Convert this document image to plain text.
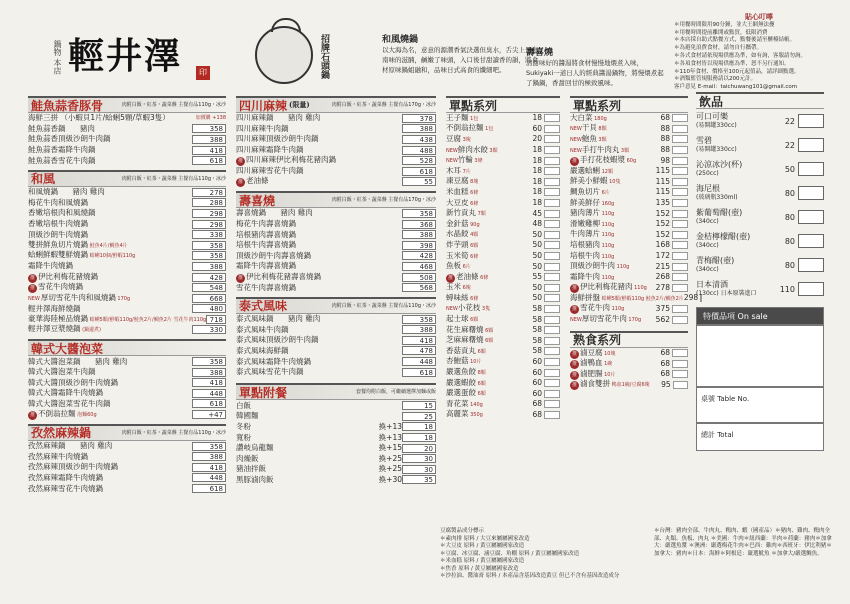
鍋物 本店 輕井澤	印	招牌石頭鍋	和風燒鍋
以大海為名，意意的源潮香氣決選但臭水，舌尖上是布南味的滋腩，鹹嫩了味頭，入口後甘甜讀香的韻，將食材原味鍋蛆融和，品味日式高食的纖細吧。
壽喜燒
清甜味好的醬湯將食材慢慢地煨煮入味，Sukiyaki一道日人的經典醬湯鍋物，將慢煨煮起了鍋鍋，香甜回甘的極致風味。
貼心叮嚀
＊用餐時間限用90分鐘，並大王網無法疊
＊用餐時間提前離開或點買，低限消費
＊本店採自助式點餐方式，點餐後請至櫃檯結帳。
＊為避免浪費食材，請勿自行攜帶。
＊各式食材請依現場供應為準，如有詢，客服請勿詢。
＊各項食材皆以現場供應為準，恕不另行通知。
＊110年食材、價格至100元起值品，請詳細點選。
＊酒類監管規服務請以200元計。
客戶意見 E-mail：taichuwang101@gmail.com
鮭魚蒜香豚骨	肉附白飯・紅茶・蔬菜盤 主餐有品110g・冰沙
海鮮三拼 （小蝦貝1片/蛤蜊5顆/草蝦3隻）	加價購 +138
鮭魚蒜香鍋 豬肉	358
鮭魚蒜香頂級沙朗牛肉鍋	388
鮭魚蒜香霜降牛肉鍋	418
鮭魚蒜香雪花牛肉鍋	618
和風	肉附白飯・紅茶・蔬菜盤 主餐有品110g・冰沙
和風燒鍋 豬肉 雞肉	278
梅花牛肉和風燒鍋	288
香嫩培根肉和風燒鍋	298
香嫩培根牛肉燒鍋	298
頂級沙朗牛肉燒鍋	338
雙拼鮮魚切片燒鍋 鮭魚4片/鯛魚4片	358
蛤蜊鮮蝦雙鮮燒鍋 蛤蜊10個/鮮蝦110g	358
霜降牛肉燒鍋	388
推 伊比利梅花豬燒鍋	428
推 雪花牛肉燒鍋	548
NEW厚切雪花牛肉和風燒鍋 170g	668
輕井澤海鮮燒鍋	480
豪華海陸極品燒鍋 蛤蜊5顆/鮮蝦110g/鮭魚2片/鯛魚2片 雪花牛肉110g 718
輕井澤豆漿燒鍋 (鍋邊煮)	330
韓式大醬泡菜
韓式大醬泡菜鍋 豬肉 雞肉	358
韓式大醬泡菜牛肉鍋	388
韓式大醬頂級沙朗牛肉燒鍋	418
韓式大醬霜降牛肉燒鍋	448
韓式大醬泡菜雪花牛肉鍋	618
推 不倒翁拉麵 泡麵60g	+47
孜然麻辣鍋	肉附白飯・紅茶・蔬菜盤 主餐有品110g・冰沙
孜然麻辣鍋 豬肉 雞肉	358
孜然麻辣牛肉燒鍋	388
孜然麻辣頂級沙朗牛肉燒鍋	418
孜然麻辣霜降牛肉燒鍋	448
孜然麻辣雪花牛肉燒鍋	618
四川麻辣 (限量)	肉附白飯・紅茶・蔬菜盤 主餐有品170g・冰沙
四川麻辣鍋 豬肉 雞肉	378
四川麻辣牛肉鍋	388
四川麻辣頂級沙朗牛肉鍋	438
四川麻辣霜降牛肉鍋	488
推 四川麻辣伊比利梅花豬肉鍋	528
四川麻辣雪花牛肉鍋	618
推 老油條	55
壽喜燒	肉附白飯・紅茶・蔬菜盤 主餐有品170g・冰沙
壽喜燒鍋 豬肉 雞肉	358
梅花牛肉壽喜燒鍋	368
培根豬肉壽喜燒鍋	388
培根牛肉壽喜燒鍋	398
頂級沙朗牛肉壽喜燒鍋	428
霜降牛肉壽喜燒鍋	468
推 伊比利梅花豬壽喜燒鍋	508
雪花牛肉壽喜燒鍋	568
泰式風味	肉附白飯・紅茶・蔬菜盤 主餐有品110g・冰沙
泰式風味鍋 豬肉 雞肉	358
泰式風味牛肉鍋	388
泰式風味頂級沙朗牛肉鍋	418
泰式風味海鮮鍋	478
泰式風味霜降牛肉燒鍋	448
泰式風味雪花牛肉鍋	618
單點附餐	套餐均附白飯，可繼續選擇加麵或飯
白飯	15
韓國麵	25
冬粉	換+13	18
寬粉	換+13	18
讚岐烏龍麵	換+15	20
肉燥飯	換+25	30
豬油拌飯	換+25	30
黑豚滷肉飯	換+30	35
單點系列
王子麵 1包	18
不倒翁拉麵 1包	60
豆腐 3塊	20
NEW鮮肉水餃 3顆	18
NEW竹輪 3條	18
木耳 7片	18
凍豆腐 8塊	18
米血糕 6條	18
大豆皮 6條	18
新竹貢丸 7顆	45
金針菇 90g	48
水晶餃 4顆	50
炸芋頭 6顆	50
玉米筍 6條	50
魚板 6片	50
推 老油條 6條	55
玉米 6塊	50
蟳味絲 6條	50
NEW小花枝 3隻	58
起士球 6顆	58
花生麻糬燒 6顆	58
芝麻麻糬燒 6顆	58
香菇貢丸 6顆	58
杏鮑菇 10片	60
嚴選魚餃 8顆	60
嚴選蝦餃 6顆	60
嚴選蛋餃 6顆	60
青花菜 140g	68
高麗菜 350g	68
單點系列
大白菜 180g	68
NEW干貝 8顆	88
NEW鮑魚 3顆	88
NEW手打牛肉丸 3顆	88
推 手打花枝蝦漿 60g	98
嚴選蛤蜊 12顆	115
鮮美小鮮蝦 10隻	115
鯛魚切片 6片	115
鮮美鮮仔 160g	135
豬肉薄片 110g	152
滑嫩雞柳 110g	152
牛肉薄片 110g	152
培根豬肉 110g	168
培根牛肉 110g	172
頂級沙朗牛肉 110g	215
霜降牛肉 110g	268
推 伊比利梅花豬肉 110g	278
海鮮拼盤 蛤蜊5顆/鮮蝦110g 鮭魚2片/鯛魚2片 298
推 雪花牛肉 110g	375
NEW厚切雪花牛肉 170g	562
熟食系列
推 滷豆腐 10塊	68
推 滷鴨血 1碗	68
推 滷肥腸 10片	68
推 滷食雙拼 鴨血1碗/豆腐6塊	95
飲品
可口可樂
(易開罐330cc)	22
雪碧
(易開罐330cc)	22
沁涼冰沙(杯)
(250cc)	50
海尼根
(玻璃瓶330ml)	80
紫葡萄醋(壺)
(340cc)	80
金桔檸檬醋(壺)
(340cc)	80
青梅醋(壺)
(340cc)	80
日本清酒
(130cc) 日本原裝進口	110
特價品項 On sale
桌號 Table No.
總計 Total
豆腐製品成分標示
＊素肉排 原料 / 大豆來屬屬國家改造
＊大豆皮 原料 / 黃豆屬屬國家改造
＊豆腐、冰豆腐、滷豆腐、角棚 原料 / 黃豆屬屬國家改造
＊米血糕 原料 / 黃豆屬屬國家改造
＊焦香 原料 / 黃豆屬屬國家改造
＊沙拉油、醬油膏 原料 / 本產品含基因改造黃豆 但已不含有基因改造成分
＊台灣：豬肉全部、牛肉丸、鴨肉、蝦（國產品）＊豬肉、雞肉、鴨肉全部、丸類、魚板、肉丸 ＊美國：牛肉＊紐西蘭：羊肉＊荷蘭：豬肉＊加拿大：嚴選魚漿 ＊澳洲：嚴選梅花牛肉＊巴西：雞肉＊西班牙：伊比利豬＊加拿大：豬肉＊日本：海鮮＊阿根廷：嚴選魷魚 ＊加拿大/嚴選鯛魚。
